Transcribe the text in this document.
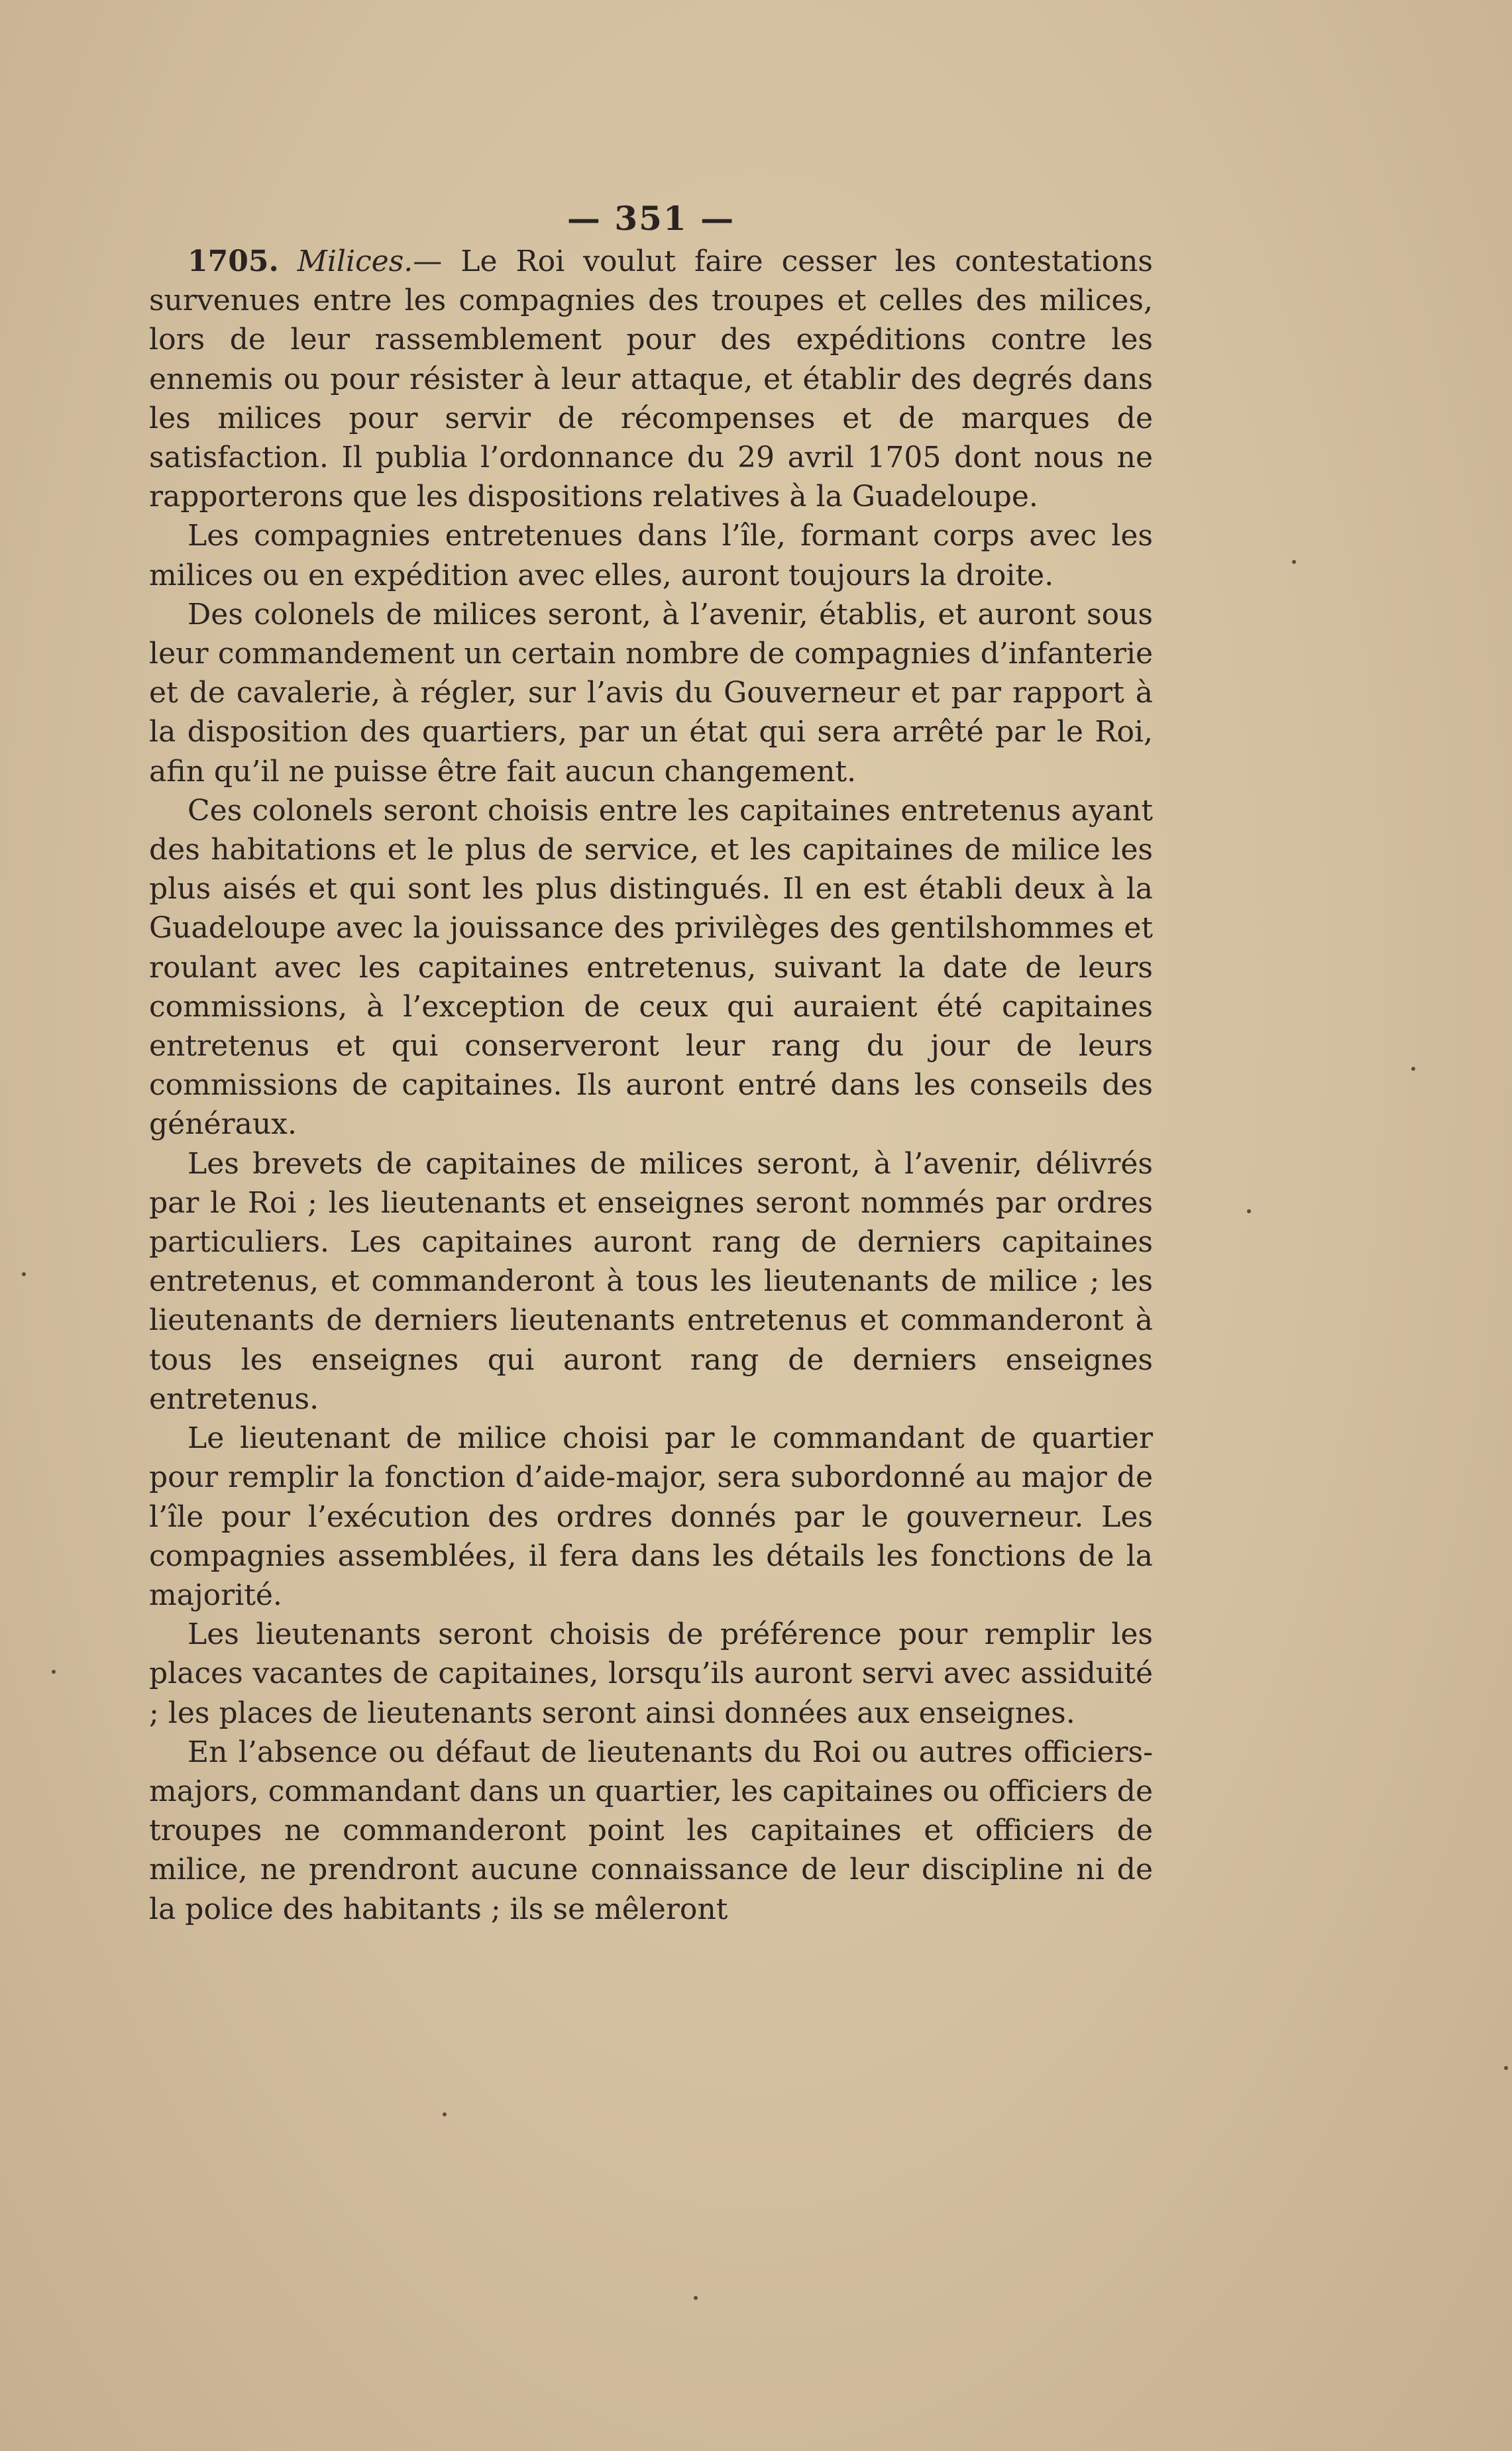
— 351 —

1705. Milices.— Le Roi voulut faire cesser les contestations survenues entre les compagnies des troupes et celles des milices, lors de leur rassemblement pour des expéditions contre les ennemis ou pour résister à leur attaque, et établir des degrés dans les milices pour servir de récompenses et de marques de satisfaction. Il publia l’ordonnance du 29 avril 1705 dont nous ne rapporterons que les dispositions relatives à la Guadeloupe.

Les compagnies entretenues dans l’île, formant corps avec les milices ou en expédition avec elles, auront toujours la droite.

Des colonels de milices seront, à l’avenir, établis, et auront sous leur commandement un certain nombre de compagnies d’infanterie et de cavalerie, à régler, sur l’avis du Gouverneur et par rapport à la disposition des quartiers, par un état qui sera arrêté par le Roi, afin qu’il ne puisse être fait aucun changement.

Ces colonels seront choisis entre les capitaines entretenus ayant des habitations et le plus de service, et les capitaines de milice les plus aisés et qui sont les plus distingués. Il en est établi deux à la Guadeloupe avec la jouissance des privilèges des gentilshommes et roulant avec les capitaines entretenus, suivant la date de leurs commissions, à l’exception de ceux qui auraient été capitaines entretenus et qui conserveront leur rang du jour de leurs commissions de capitaines. Ils auront entré dans les conseils des généraux.

Les brevets de capitaines de milices seront, à l’avenir, délivrés par le Roi ; les lieutenants et enseignes seront nommés par ordres particuliers. Les capitaines auront rang de derniers capitaines entretenus, et commanderont à tous les lieutenants de milice ; les lieutenants de derniers lieutenants entretenus et commanderont à tous les enseignes qui auront rang de derniers enseignes entretenus.

Le lieutenant de milice choisi par le commandant de quartier pour remplir la fonction d’aide-major, sera subordonné au major de l’île pour l’exécution des ordres donnés par le gouverneur. Les compagnies assemblées, il fera dans les détails les fonctions de la majorité.

Les lieutenants seront choisis de préférence pour remplir les places vacantes de capitaines, lorsqu’ils auront servi avec assiduité ; les places de lieutenants seront ainsi données aux enseignes.

En l’absence ou défaut de lieutenants du Roi ou autres officiers-majors, commandant dans un quartier, les capitaines ou officiers de troupes ne commanderont point les capitaines et officiers de milice, ne prendront aucune connaissance de leur discipline ni de la police des habitants ; ils se mêleront
